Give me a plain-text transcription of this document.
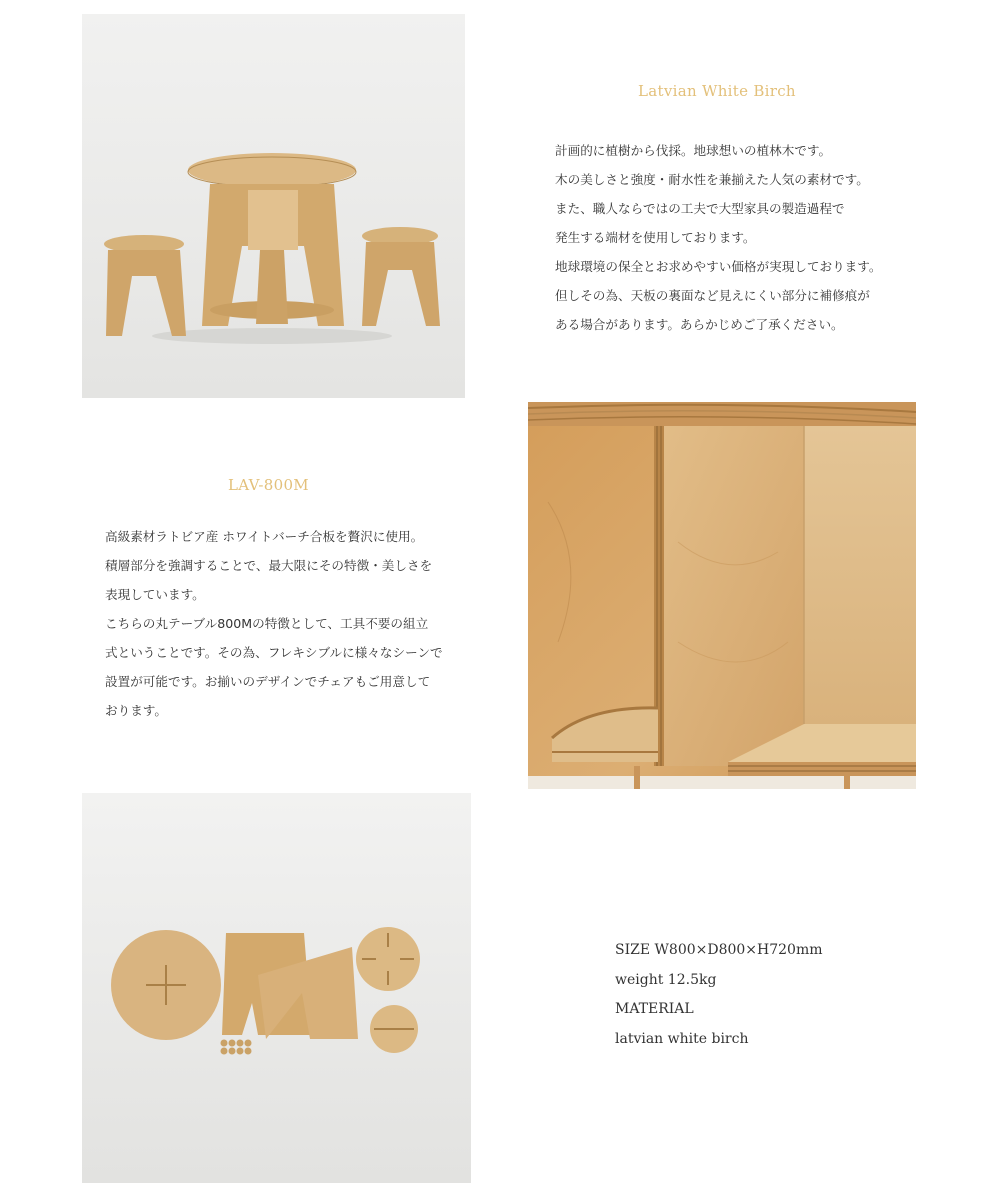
Latvian White Birch
計画的に植樹から伐採。地球想いの植林木です。
木の美しさと強度・耐水性を兼揃えた人気の素材です。
また、職人ならではの工夫で大型家具の製造過程で
発生する端材を使用しております。
地球環境の保全とお求めやすい価格が実現しております。
但しその為、天板の裏面など見えにくい部分に補修痕が
ある場合があります。あらかじめご了承ください。
LAV-800M
高級素材ラトビア産 ホワイトバーチ合板を贅沢に使用。
積層部分を強調することで、最大限にその特徴・美しさを
表現しています。
こちらの丸テーブル800Mの特徴として、工具不要の組立
式ということです。その為、フレキシブルに様々なシーンで
設置が可能です。お揃いのデザインでチェアもご用意して
おります。
SIZE W800×D800×H720mm
weight 12.5kg
MATERIAL
latvian white birch
